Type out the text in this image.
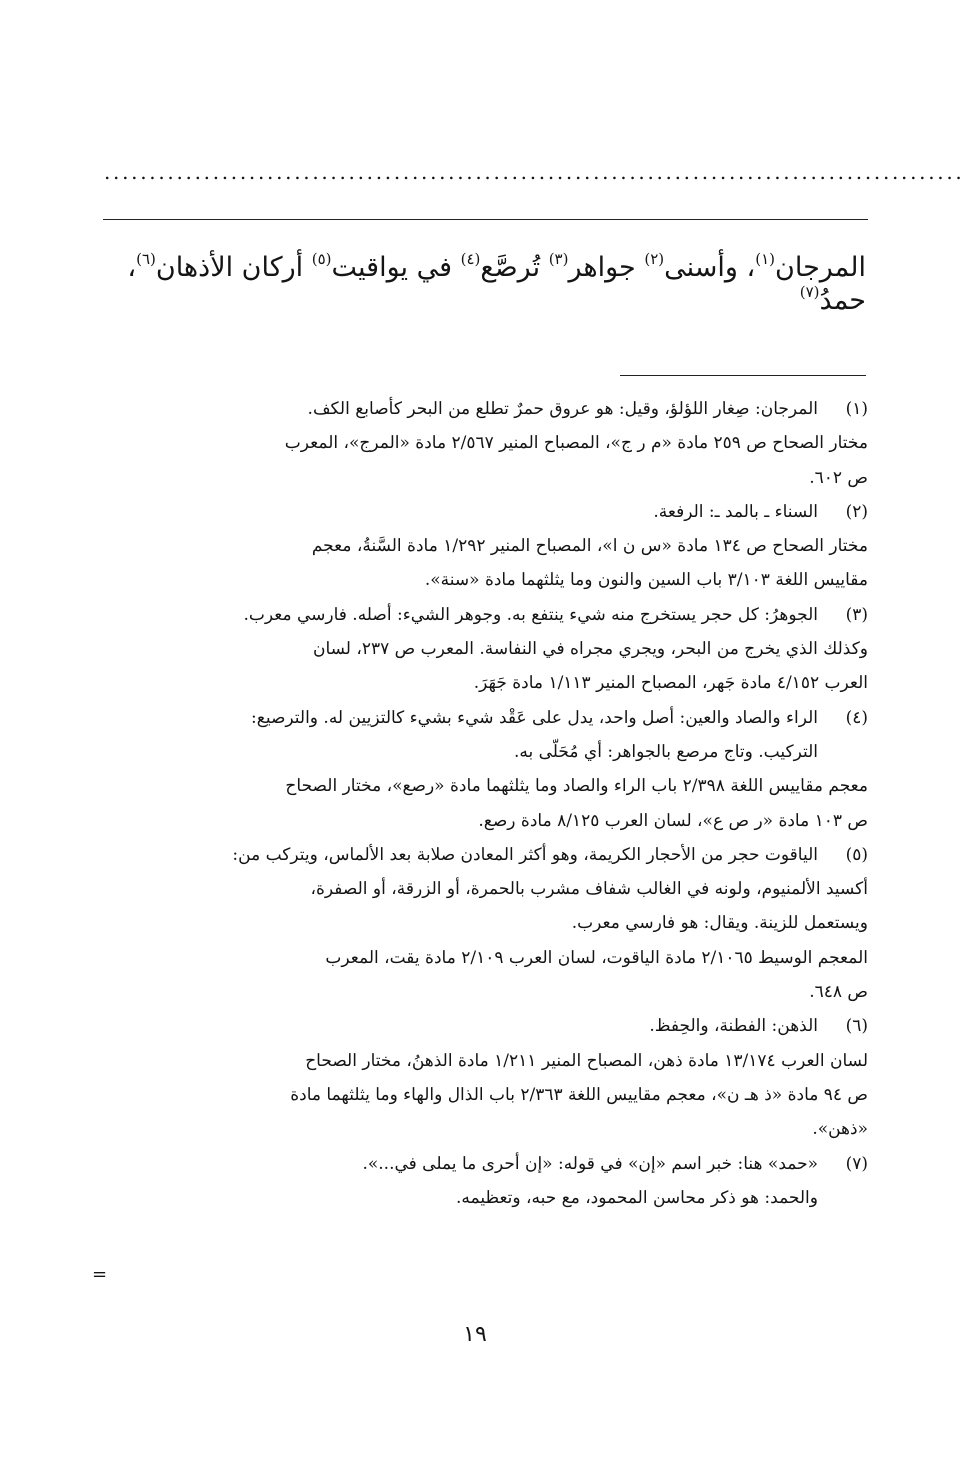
...............................................................................................
المرجان$^{(١)}$، وأسنى$^{(٢)}$ جواهر$^{(٣)}$ تُرصَّع$^{(٤)}$ في يواقيت$^{(٥)}$ أركان الأذهان$^{(٦)}$،
حمدُ$^{(٧)}$
(١)المرجان: صِغار اللؤلؤ، وقيل: هو عروق حمرٌ تطلع من البحر كأصابع الكف.
مختار الصحاح ص ٢٥٩ مادة «م ر ج»، المصباح المنير ٢/٥٦٧ مادة «المرج»، المعرب
ص ٦٠٢.
(٢)السناء ـ بالمد ـ: الرفعة.
مختار الصحاح ص ١٣٤ مادة «س ن ا»، المصباح المنير ١/٢٩٢ مادة السَّنةُ، معجم
مقاييس اللغة ٣/١٠٣ باب السين والنون وما يثلثهما مادة «سنة».
(٣)الجوهرُ: كل حجر يستخرج منه شيء ينتفع به. وجوهر الشيء: أصله. فارسي معرب.
وكذلك الذي يخرج من البحر، ويجري مجراه في النفاسة. المعرب ص ٢٣٧، لسان
العرب ٤/١٥٢ مادة جَهر، المصباح المنير ١/١١٣ مادة جَهَرَ.
(٤)الراء والصاد والعين: أصل واحد، يدل على عَقْد شيء بشيء كالتزيين له. والترصيع:
التركيب. وتاج مرصع بالجواهر: أي مُحَلّى به.
معجم مقاييس اللغة ٢/٣٩٨ باب الراء والصاد وما يثلثهما مادة «رصع»، مختار الصحاح
ص ١٠٣ مادة «ر ص ع»، لسان العرب ٨/١٢٥ مادة رصع.
(٥)الياقوت حجر من الأحجار الكريمة، وهو أكثر المعادن صلابة بعد الألماس، ويتركب من:
أكسيد الألمنيوم، ولونه في الغالب شفاف مشرب بالحمرة، أو الزرقة، أو الصفرة،
ويستعمل للزينة. ويقال: هو فارسي معرب.
المعجم الوسيط ٢/١٠٦٥ مادة الياقوت، لسان العرب ٢/١٠٩ مادة يقت، المعرب
ص ٦٤٨.
(٦)الذهن: الفطنة، والحِفظ.
لسان العرب ١٣/١٧٤ مادة ذهن، المصباح المنير ١/٢١١ مادة الذهنُ، مختار الصحاح
ص ٩٤ مادة «ذ هـ ن»، معجم مقاييس اللغة ٢/٣٦٣ باب الذال والهاء وما يثلثهما مادة
«ذهن».
(٧)«حمد» هنا: خبر اسم «إن» في قوله: «إن أحرى ما يملى في...».
والحمد: هو ذكر محاسن المحمود، مع حبه، وتعظيمه.
=
١٩
